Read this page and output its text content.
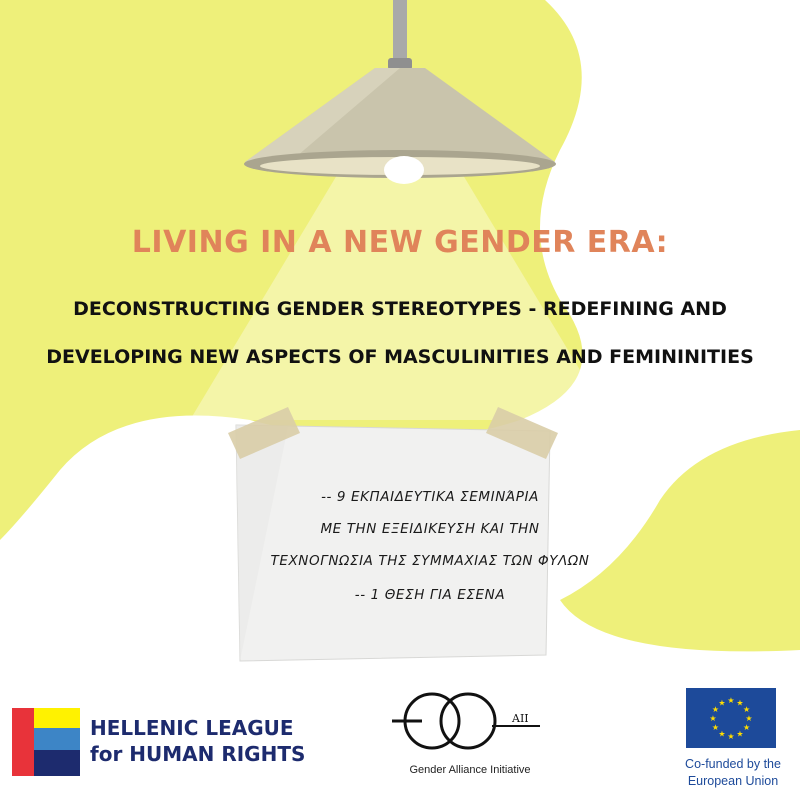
LIVING IN A NEW GENDER ERA:
DECONSTRUCTING GENDER STEREOTYPES - REDEFINING AND
DEVELOPING NEW ASPECTS OF MASCULINITIES AND FEMININITIES
-- 9 ΕΚΠΑΙΔΕΥΤΙΚΑ ΣΕΜΙΝΆΡΙΑ
ΜΕ ΤΗΝ ΕΞΕΙΔΙΚΕΥΣΗ ΚΑΙ ΤΗΝ
ΤΕΧΝΟΓΝΩΣΙΑ ΤΗΣ ΣΥΜΜΑΧΙΑΣ ΤΩΝ ΦΥΛΩΝ
-- 1 ΘΕΣΗ ΓΙΑ ΕΣΕΝΑ
HELLENIC LEAGUE
for HUMAN RIGHTS
AII
Gender Alliance Initiative
★
★
★
★
★
★
★
★
★ ★ ★
★
Co-funded by the
European Union
